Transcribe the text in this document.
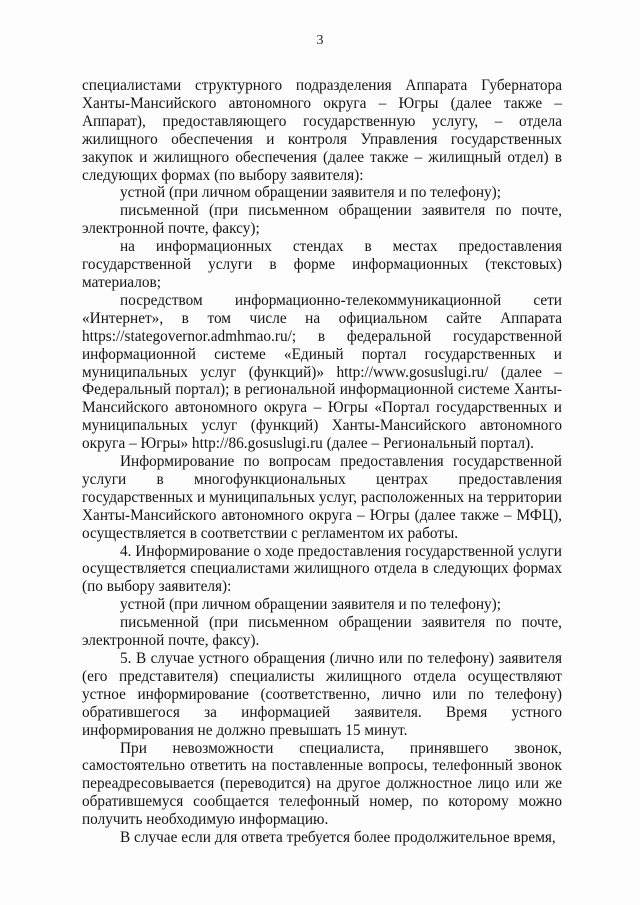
3

специалистами структурного подразделения Аппарата Губернатора Ханты-Мансийского автономного округа – Югры (далее также – Аппарат), предоставляющего государственную услугу, – отдела жилищного обеспечения и контроля Управления государственных закупок и жилищного обеспечения (далее также – жилищный отдел) в следующих формах (по выбору заявителя):

устной (при личном обращении заявителя и по телефону);

письменной (при письменном обращении заявителя по почте, электронной почте, факсу);

на информационных стендах в местах предоставления государственной услуги в форме информационных (текстовых) материалов;

посредством информационно-телекоммуникационной сети «Интернет», в том числе на официальном сайте Аппарата https://stategovernor.admhmao.ru/; в федеральной государственной информационной системе «Единый портал государственных и муниципальных услуг (функций)» http://www.gosuslugi.ru/ (далее – Федеральный портал); в региональной информационной системе Ханты-Мансийского автономного округа – Югры «Портал государственных и муниципальных услуг (функций) Ханты-Мансийского автономного округа – Югры» http://86.gosuslugi.ru (далее – Региональный портал).

Информирование по вопросам предоставления государственной услуги в многофункциональных центрах предоставления государственных и муниципальных услуг, расположенных на территории Ханты-Мансийского автономного округа – Югры (далее также – МФЦ), осуществляется в соответствии с регламентом их работы.

4. Информирование о ходе предоставления государственной услуги осуществляется специалистами жилищного отдела в следующих формах (по выбору заявителя):

устной (при личном обращении заявителя и по телефону);

письменной (при письменном обращении заявителя по почте, электронной почте, факсу).

5. В случае устного обращения (лично или по телефону) заявителя (его представителя) специалисты жилищного отдела осуществляют устное информирование (соответственно, лично или по телефону) обратившегося за информацией заявителя. Время устного информирования не должно превышать 15 минут.

При невозможности специалиста, принявшего звонок, самостоятельно ответить на поставленные вопросы, телефонный звонок переадресовывается (переводится) на другое должностное лицо или же обратившемуся сообщается телефонный номер, по которому можно получить необходимую информацию.

В случае если для ответа требуется более продолжительное время,
